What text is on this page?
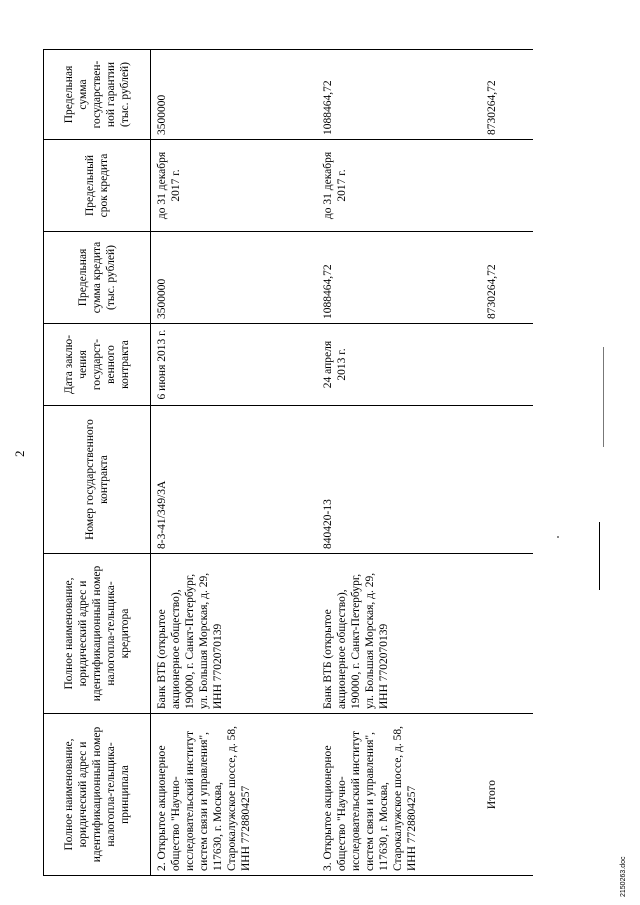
2
Полное наименование, юридический адрес и идентификационный номер налогопла-тельщика-принципала	Полное наименование, юридический адрес и идентификационный номер налогопла-тельщика-кредитора	Номер государственного контракта	Дата заклю-чения государст-венного контракта	Предельная сумма кредита (тыс. рублей)	Предельный срок кредита	Предельная сумма государствен-ной гарантии (тыс. рублей)
2. Открытое акционерное общество "Научно-исследовательский институт систем связи и управления", 117630, г. Москва, Старокалужское шоссе, д. 58, ИНН 7728804257	Банк ВТБ (открытое акционерное общество), 190000, г. Санкт-Петербург, ул. Большая Морская, д. 29, ИНН 7702070139	8-3-41/349/3А	6 июня 2013 г.	3500000	до 31 декабря 2017 г.	3500000
3. Открытое акционерное общество "Научно-исследовательский институт систем связи и управления", 117630, г. Москва, Старокалужское шоссе, д. 58, ИНН 7728804257	Банк ВТБ (открытое акционерное общество), 190000, г. Санкт-Петербург, ул. Большая Морская, д. 29, ИНН 7702070139	840420-13	24 апреля 2013 г.	1088464,72	до 31 декабря 2017 г.	1088464,72
Итого				8730264,72		8730264,72
2150263.doc
